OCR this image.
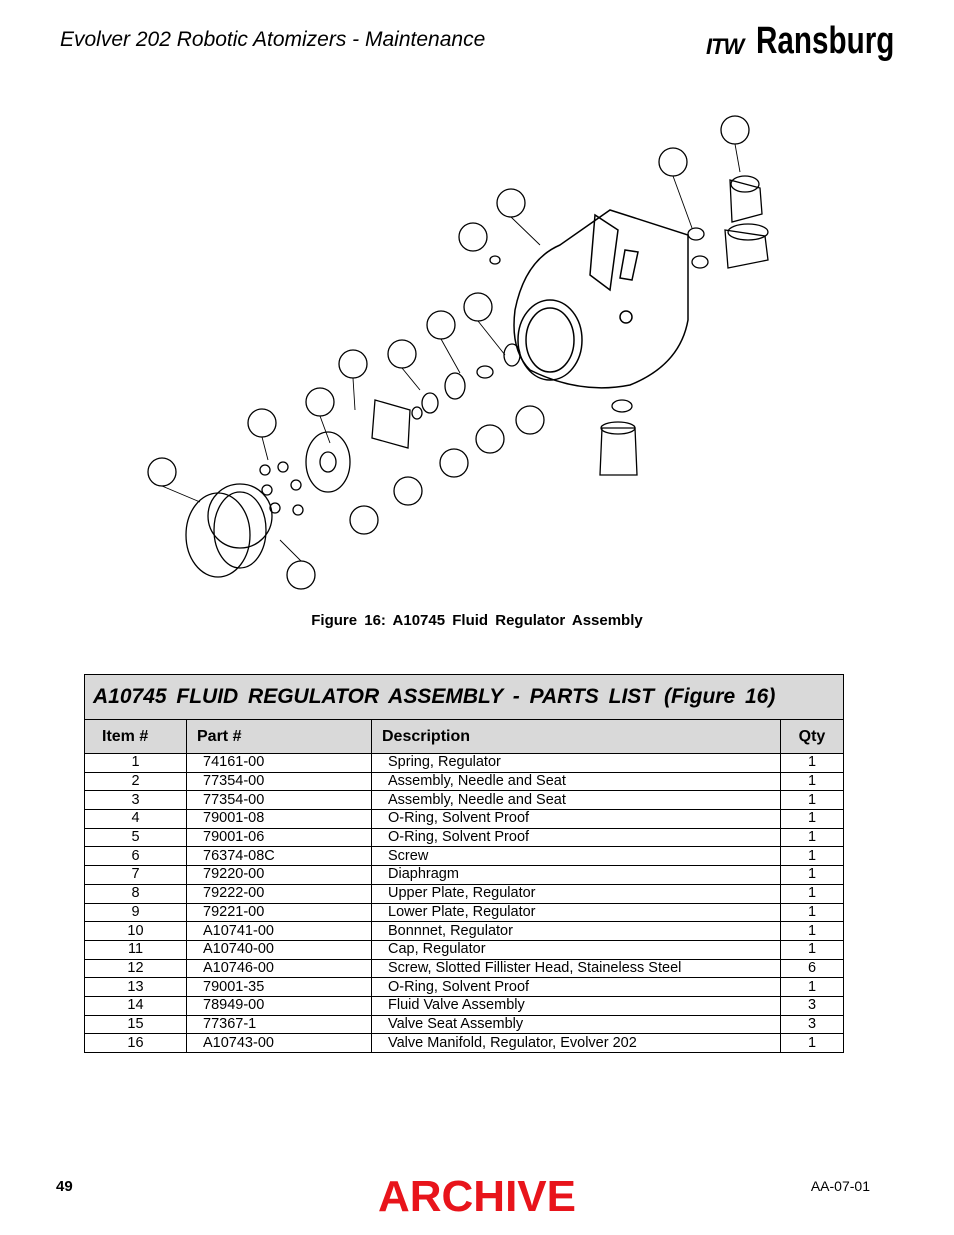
Evolver 202 Robotic Atomizers - Maintenance	ITW Ransburg
Figure 16: A10745 Fluid Regulator Assembly
A10745 FLUID REGULATOR ASSEMBLY - PARTS LIST (Figure 16)
Item #	Part #	Description	Qty
1	74161-00	Spring, Regulator	1
2	77354-00	Assembly, Needle and Seat	1
3	77354-00	Assembly, Needle and Seat	1
4	79001-08	O-Ring, Solvent Proof	1
5	79001-06	O-Ring, Solvent Proof	1
6	76374-08C	Screw	1
7	79220-00	Diaphragm	1
8	79222-00	Upper Plate, Regulator	1
9	79221-00	Lower Plate, Regulator	1
10	A10741-00	Bonnnet, Regulator	1
11	A10740-00	Cap, Regulator	1
12	A10746-00	Screw, Slotted Fillister Head, Staineless Steel	6
13	79001-35	O-Ring, Solvent Proof	1
14	78949-00	Fluid Valve Assembly	3
15	77367-1	Valve Seat Assembly	3
16	A10743-00	Valve Manifold, Regulator, Evolver 202	1
49	ARCHIVE	AA-07-01
